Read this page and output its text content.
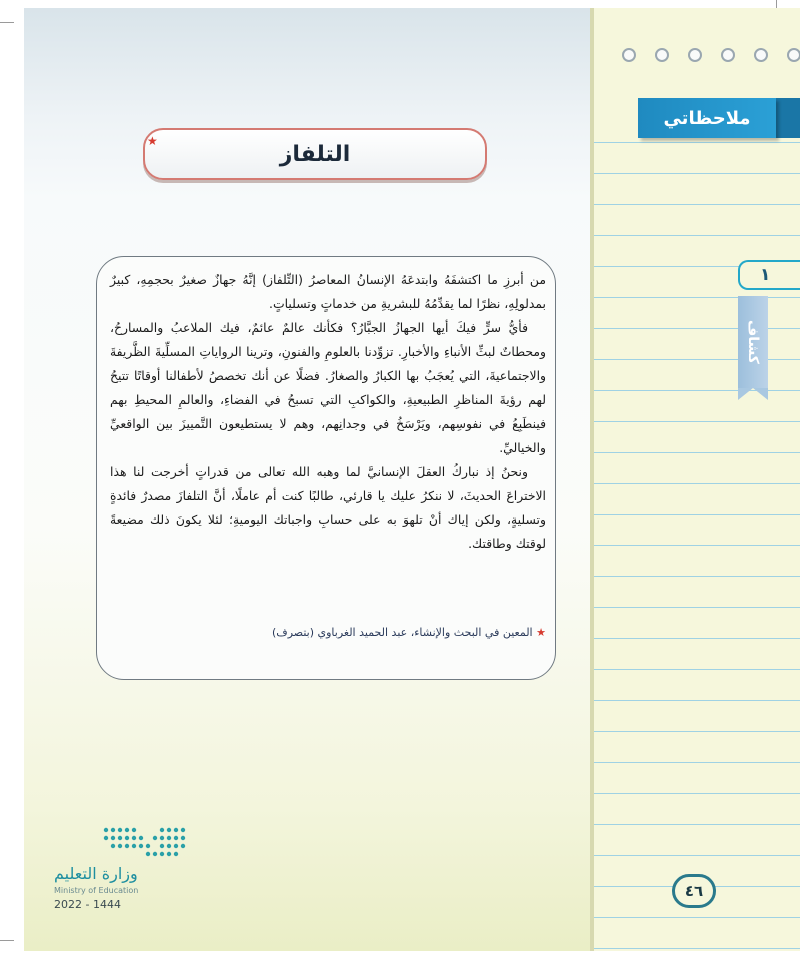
ملاحظاتي
١
كشاف
٤٦
التلفاز
★

من أبرزِ ما اكتشفَهُ وابتدعَهُ الإنسانُ المعاصرُ (التِّلفاز) إنَّهُ جهازٌ صغيرٌ بحجمِهِ، كبيرٌ بمدلولِهِ، نظرًا لما يقدِّمُهُ للبشريةِ من خدماتٍ وتسلياتٍ.

فأيُّ سرٍّ فيكَ أيها الجهازُ الجبَّارُ؟ فكأنك عالمٌ عائمٌ، فيك الملاعبُ والمسارحُ، ومحطاتٌ لبثِّ الأنباءِ والأخبارِ. تزوِّدنا بالعلومِ والفنونِ، وترينا الرواياتِ المسلِّيةَ الظَّريفةَ والاجتماعيةَ، التي يُعجَبُ بها الكبارُ والصغارُ. فضلًا عن أنك تخصصُ لأطفالنا أوقاتًا تتيحُ لهم رؤيةَ المناظرِ الطبيعيةِ، والكواكبِ التي تسبحُ في الفضاءِ، والعالمِ المحيطِ بهم فينطَبِعُ في نفوسِهم، ويَرْسَخُ في وجدانِهم، وهم لا يستطيعون التَّمييزَ بين الواقعيِّ والخياليِّ.

ونحنُ إذ نباركُ العقلَ الإنسانيَّ لما وهبه الله تعالى من قدراتٍ أخرجت لنا هذا الاختراعَ الحديثَ، لا ننكرُ عليك يا قارئي، طالبًا كنت أم عاملًا، أنَّ التلفازَ مصدرٌ فائدةٍ وتسليةٍ، ولكن إياك أنْ تلهوَ به على حسابِ واجباتك اليوميةِ؛ لئلا يكونَ ذلك مضيعةً لوقتك وطاقتك.

★ المعين في البحث والإنشاء، عبد الحميد الغرباوي (بتصرف)
وزارة التعليم
Ministry of Education
2022 - 1444
